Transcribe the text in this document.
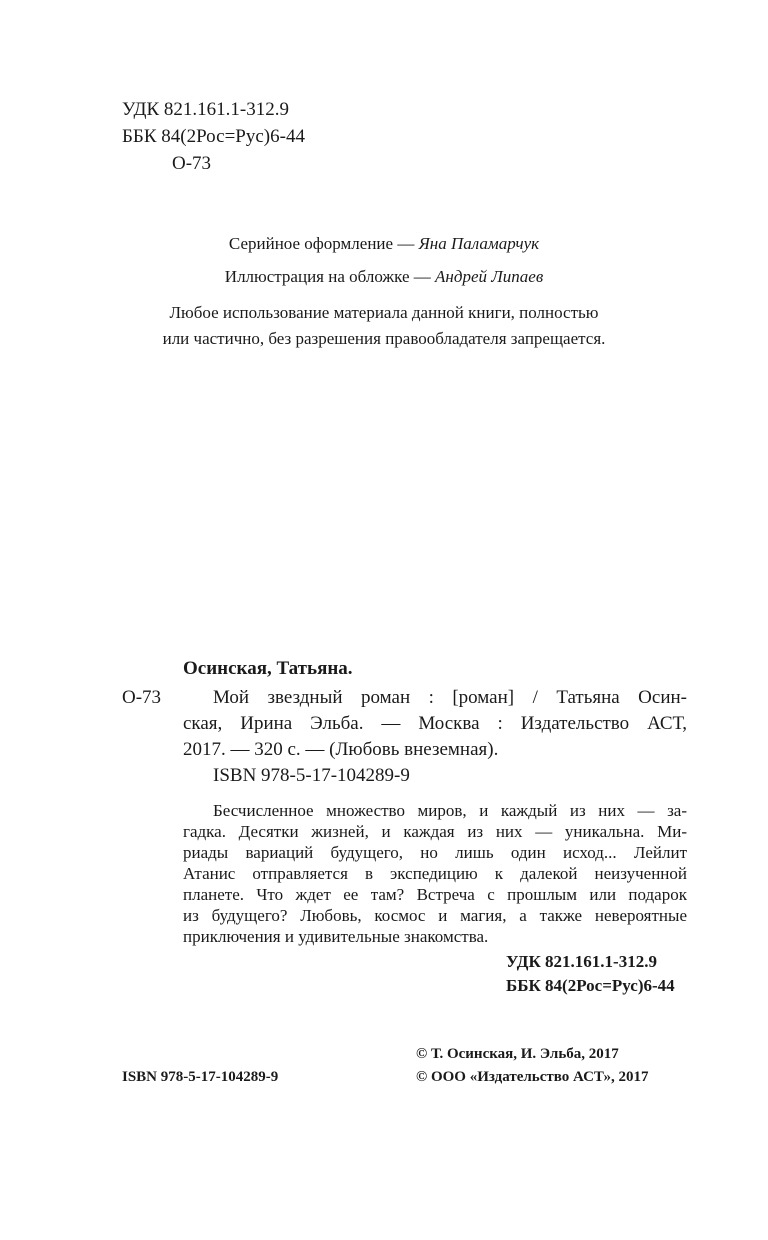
УДК 821.161.1-312.9
ББК 84(2Рос=Рус)6-44
О-73
Серийное оформление — Яна Паламарчук
Иллюстрация на обложке — Андрей Липаев
Любое использование материала данной книги, полностью
или частично, без разрешения правообладателя запрещается.
Осинская, Татьяна.
О-73	Мой звездный роман : [роман] / Татьяна Осин-
ская, Ирина Эльба. — Москва : Издательство АСТ,
2017. — 320 с. — (Любовь внеземная).
ISBN 978-5-17-104289-9
Бесчисленное множество миров, и каждый из них — за-
гадка. Десятки жизней, и каждая из них — уникальна. Ми-
риады вариаций будущего, но лишь один исход... Лейлит
Атанис отправляется в экспедицию к далекой неизученной
планете. Что ждет ее там? Встреча с прошлым или подарок
из будущего? Любовь, космос и магия, а также невероятные
приключения и удивительные знакомства.
УДК 821.161.1-312.9
ББК 84(2Рос=Рус)6-44
© Т. Осинская, И. Эльба, 2017
ISBN 978-5-17-104289-9	© ООО «Издательство АСТ», 2017
